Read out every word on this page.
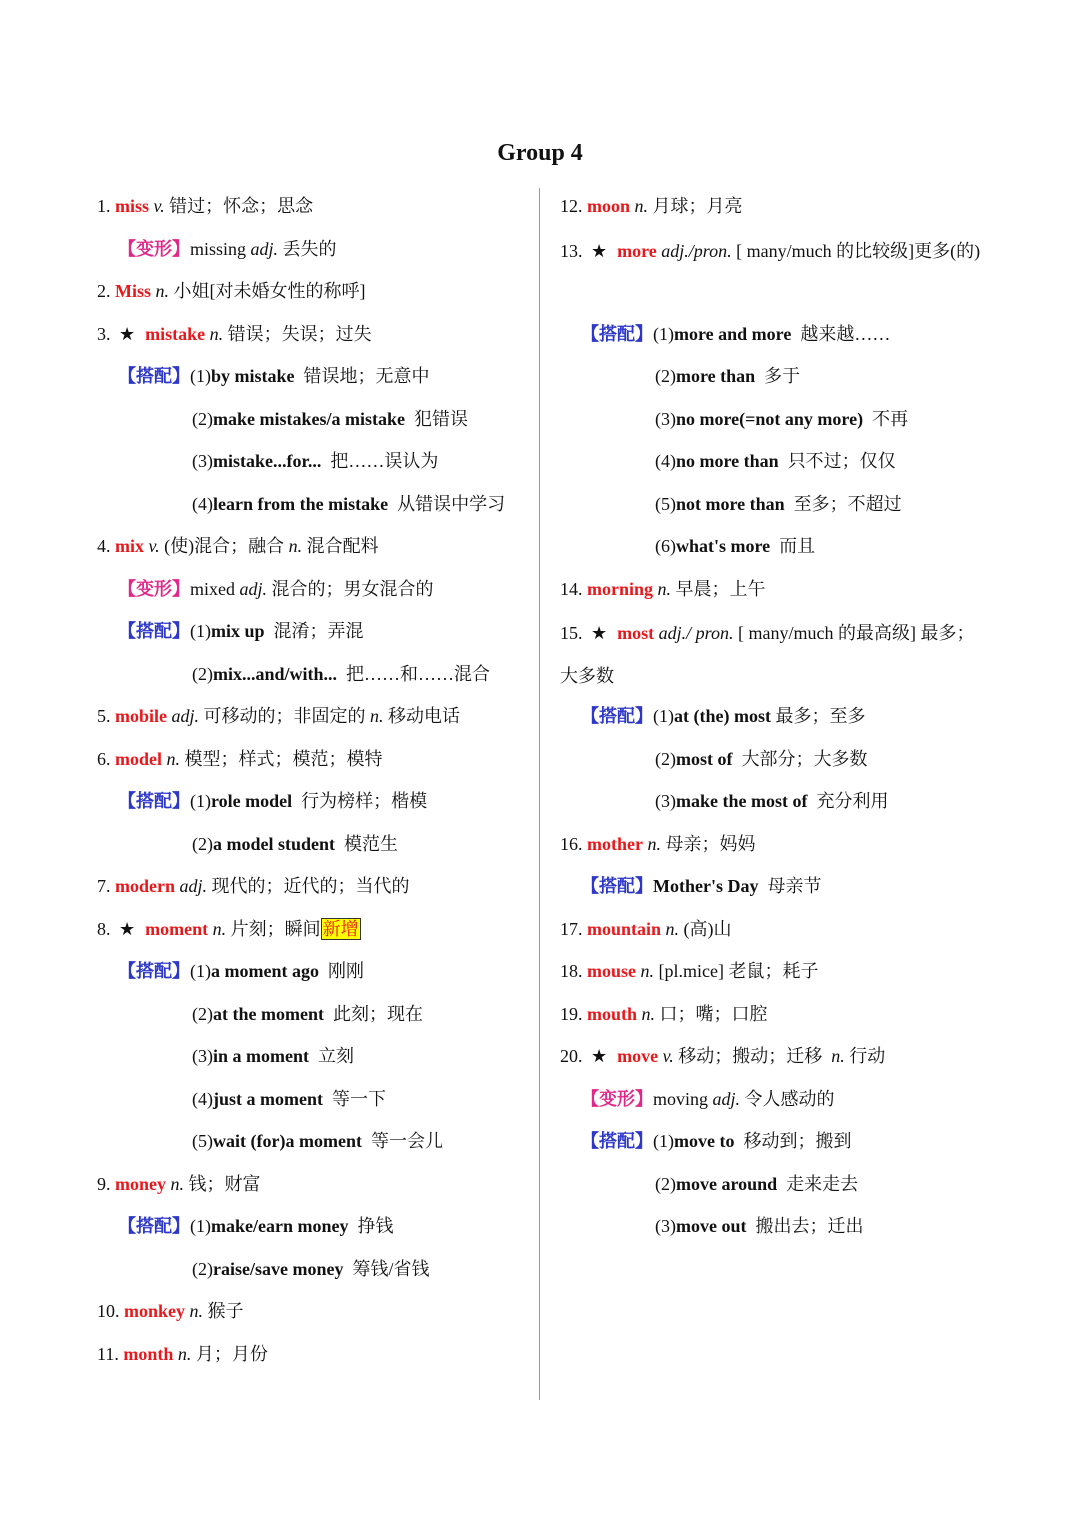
Group 4
1. miss v. 错过；怀念；思念
【变形】missing adj. 丢失的
2. Miss n. 小姐[对未婚女性的称呼]
3. ★ mistake n. 错误；失误；过失
【搭配】(1)by mistake 错误地；无意中
(2)make mistakes/a mistake 犯错误
(3)mistake...for... 把……误认为
(4)learn from the mistake 从错误中学习
4. mix v. (使)混合；融合 n. 混合配料
【变形】mixed adj. 混合的；男女混合的
【搭配】(1)mix up 混淆；弄混
(2)mix...and/with... 把……和……混合
5. mobile adj. 可移动的；非固定的 n. 移动电话
6. model n. 模型；样式；模范；模特
【搭配】(1)role model 行为榜样；楷模
(2)a model student 模范生
7. modern adj. 现代的；近代的；当代的
8. ★ moment n. 片刻；瞬间 新增
【搭配】(1)a moment ago 刚刚
(2)at the moment 此刻；现在
(3)in a moment 立刻
(4)just a moment 等一下
(5)wait (for)a moment 等一会儿
9. money n. 钱；财富
【搭配】(1)make/earn money 挣钱
(2)raise/save money 筹钱/省钱
10. monkey n. 猴子
11. month n. 月；月份
12. moon n. 月球；月亮
13. ★ more adj./pron. [ many/much 的比较级]更多(的)
【搭配】(1)more and more 越来越……
(2)more than 多于
(3)no more(=not any more) 不再
(4)no more than 只不过；仅仅
(5)not more than 至多；不超过
(6)what's more 而且
14. morning n. 早晨；上午
15. ★ most adj./ pron. [ many/much 的最高级] 最多；大多数
【搭配】(1)at (the) most 最多；至多
(2)most of 大部分；大多数
(3)make the most of 充分利用
16. mother n. 母亲；妈妈
【搭配】Mother's Day 母亲节
17. mountain n. (高)山
18. mouse n. [pl.mice] 老鼠；耗子
19. mouth n. 口；嘴；口腔
20. ★ move v. 移动；搬动；迁移 n. 行动
【变形】moving adj. 令人感动的
【搭配】(1)move to 移动到；搬到
(2)move around 走来走去
(3)move out 搬出去；迁出
